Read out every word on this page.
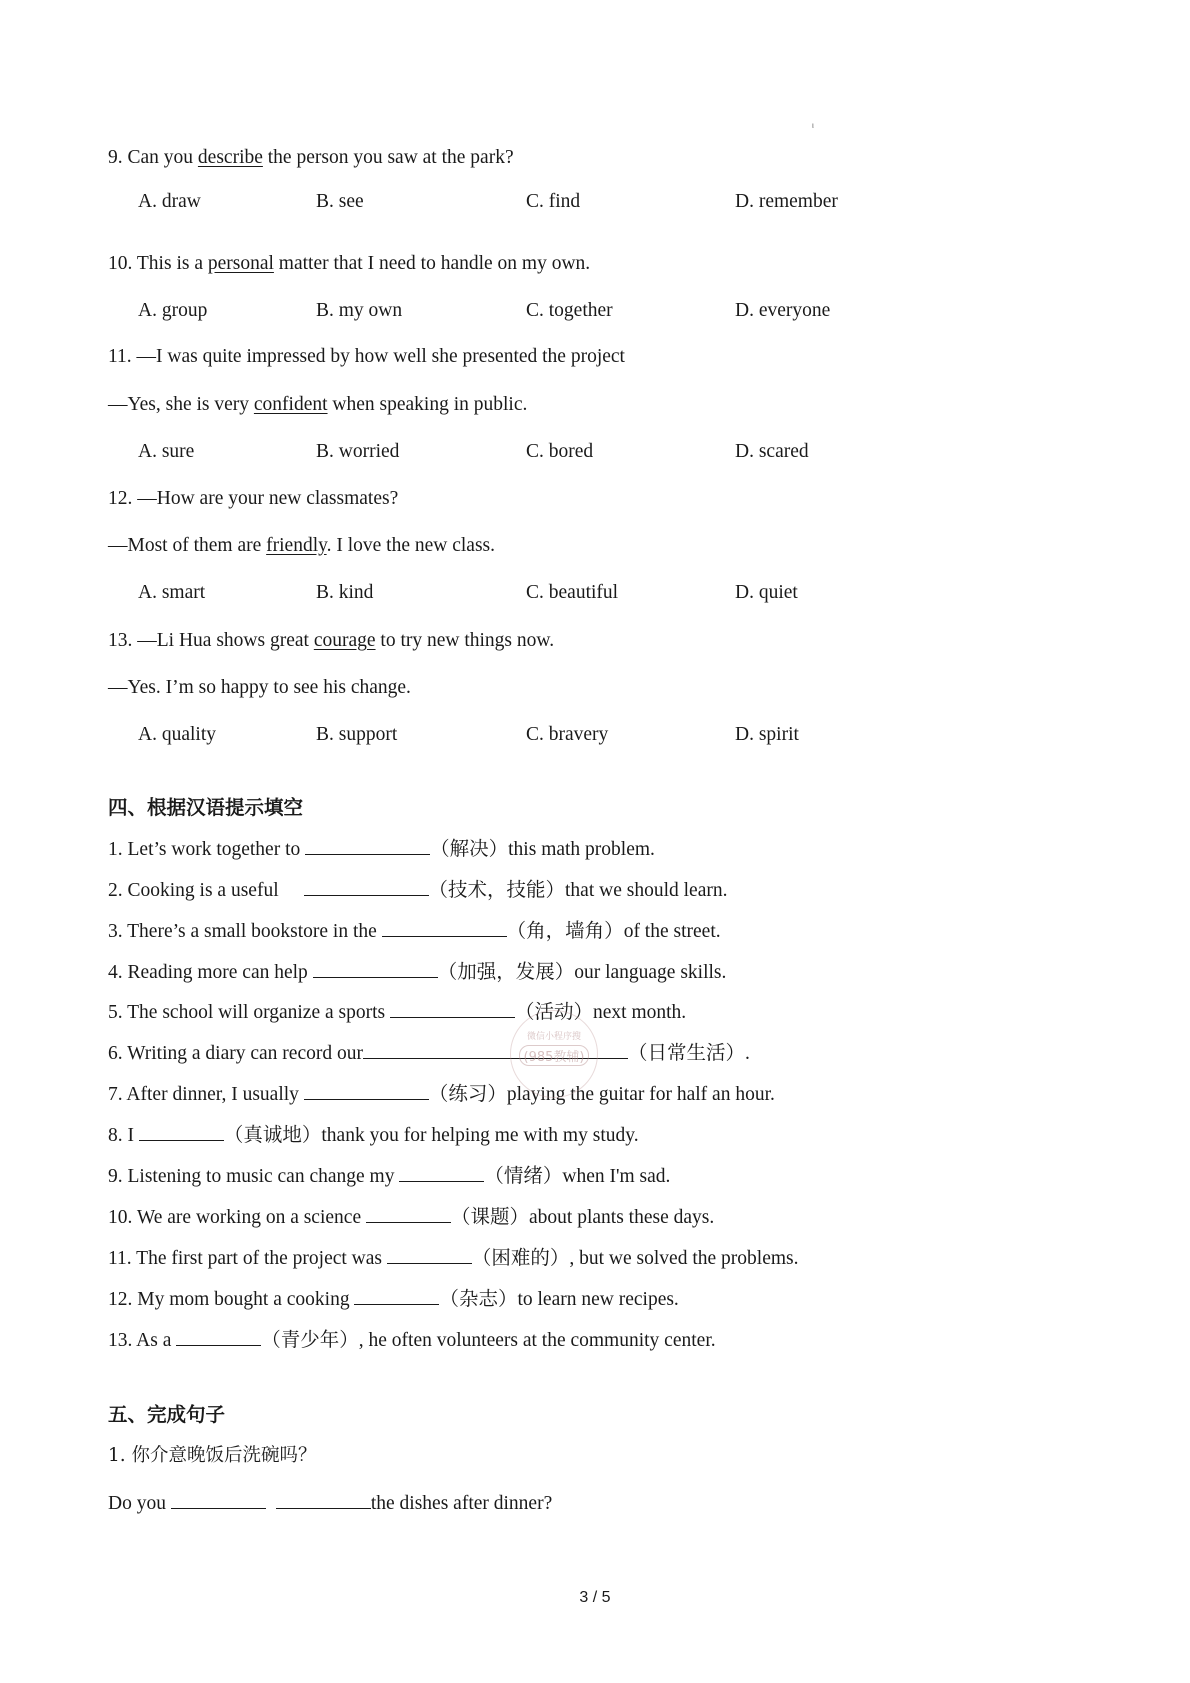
ι
9. Can you describe the person you saw at the park?
A. draw	B. see	C. find	D. remember
10. This is a personal matter that I need to handle on my own.
A. group	B. my own	C. together	D. everyone
11. —I was quite impressed by how well she presented the project
—Yes, she is very confident when speaking in public.
A. sure	B. worried	C. bored	D. scared
12. —How are your new classmates?
—Most of them are friendly. I love the new class.
A. smart	B. kind	C. beautiful	D. quiet
13. —Li Hua shows great courage to try new things now.
—Yes. I’m so happy to see his change.
A. quality	B. support	C. bravery	D. spirit
四、根据汉语提示填空
1. Let’s work together to	（解决）this math problem.
2. Cooking is a useful	（技术，技能）that we should learn.
3. There’s a small bookstore in the	（角，墙角）of the street.
4. Reading more can help	（加强，发展）our language skills.
5. The school will organize a sports	（活动）next month.
6. Writing a diary can record our	（日常生活）.
7. After dinner, I usually	（练习）playing the guitar for half an hour.
8. I	（真诚地）thank you for helping me with my study.
9. Listening to music can change my	（情绪）when I'm sad.
10. We are working on a science	（课题）about plants these days.
11. The first part of the project was	（困难的）, but we solved the problems.
12. My mom bought a cooking	（杂志）to learn new recipes.
13. As a	（青少年）, he often volunteers at the community center.
五、完成句子
1. 你介意晚饭后洗碗吗？
Do you	the dishes after dinner?
微信小程序搜
(985教辅)
3 / 5
